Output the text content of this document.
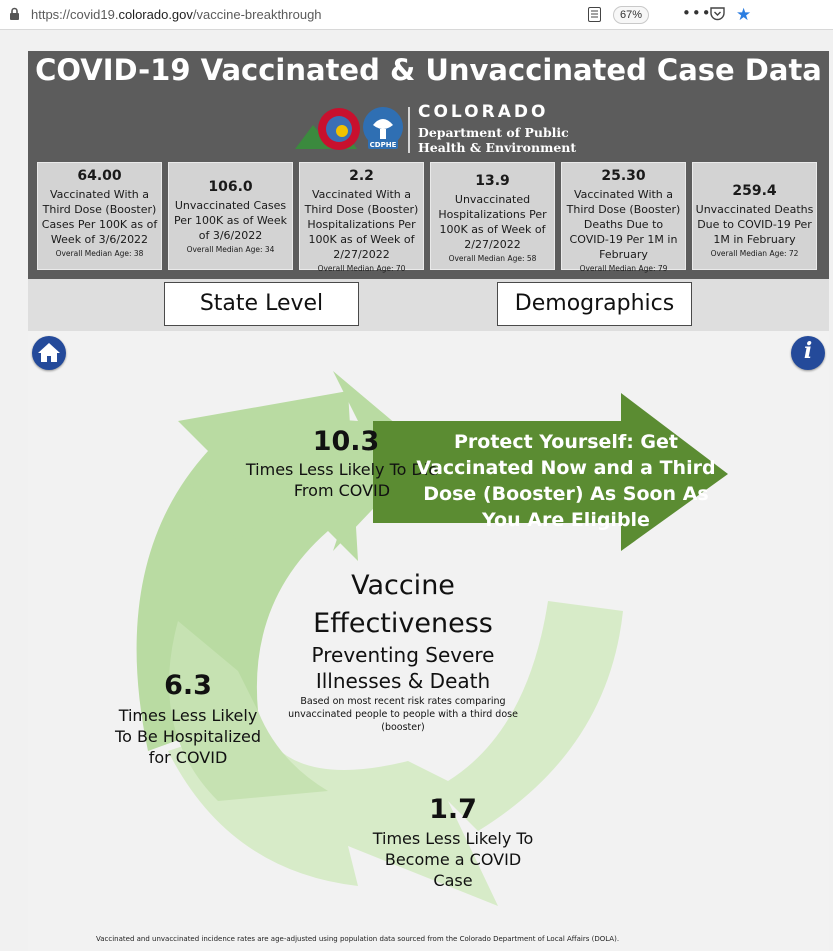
https://covid19.colorado.gov/vaccine-breakthrough	67%	••• ★
COVID-19 Vaccinated & Unvaccinated Case Data
CDPHE
COLORADO
Department of Public
Health & Environment
64.00
Vaccinated With a Third Dose (Booster) Cases Per 100K as of Week of 3/6/2022
Overall Median Age: 38
106.0
Unvaccinated Cases Per 100K as of Week of 3/6/2022
Overall Median Age: 34
2.2
Vaccinated With a Third Dose (Booster) Hospitalizations Per 100K as of Week of 2/27/2022
Overall Median Age: 70
13.9
Unvaccinated Hospitalizations Per 100K as of Week of 2/27/2022
Overall Median Age: 58
25.30
Vaccinated With a Third Dose (Booster) Deaths Due to COVID-19 Per 1M in February
Overall Median Age: 79
259.4
Unvaccinated Deaths Due to COVID-19 Per 1M in February
Overall Median Age: 72
State Level	Demographics
i
10.3
Times Less Likely To Die From COVID
Protect Yourself: Get
Vaccinated Now and a Third
Dose (Booster) As Soon As
You Are Eligible
Vaccine
Effectiveness
Preventing Severe
Illnesses & Death
Based on most recent risk rates comparing unvaccinated people to people with a third dose (booster)
6.3
Times Less Likely To Be Hospitalized for COVID
1.7
Times Less Likely To Become a COVID Case
Vaccinated and unvaccinated incidence rates are age-adjusted using population data sourced from the Colorado Department of Local Affairs (DOLA).
